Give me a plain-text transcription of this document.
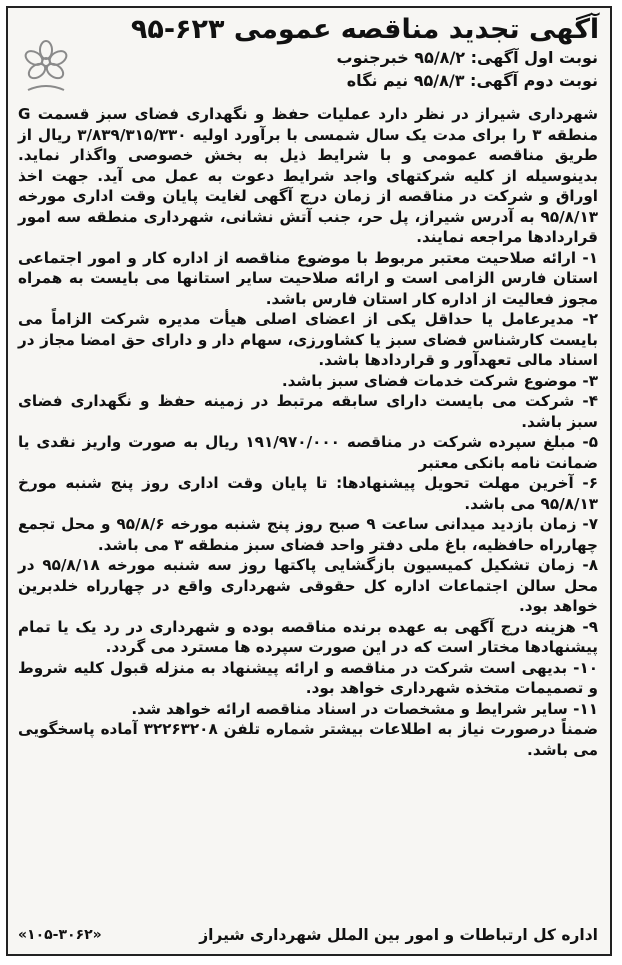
آگهی تجدید مناقصه عمومی ۶۲۳-۹۵
نوبت اول آگهی: ۹۵/۸/۲ خبرجنوب
نوبت دوم آگهی: ۹۵/۸/۳ نیم نگاه

شهرداری شیراز در نظر دارد عملیات حفظ و نگهداری فضای سبز قسمت G منطقه ۳ را برای مدت یک سال شمسی با برآورد اولیه ۳/۸۳۹/۳۱۵/۳۳۰ ریال از طریق مناقصه عمومی و با شرایط ذیل به بخش خصوصی واگذار نماید. بدینوسیله از کلیه شرکتهای واجد شرایط دعوت به عمل می آید. جهت اخذ اوراق و شرکت در مناقصه از زمان درج آگهی لغایت پایان وقت اداری مورخه ۹۵/۸/۱۳ به آدرس شیراز، پل حر، جنب آتش نشانی، شهرداری منطقه سه امور قراردادها مراجعه نمایند.

۱- ارائه صلاحیت معتبر مربوط با موضوع مناقصه از اداره کار و امور اجتماعی استان فارس الزامی است و ارائه صلاحیت سایر استانها می بایست به همراه مجوز فعالیت از اداره کار استان فارس باشد.

۲- مدیرعامل یا حداقل یکی از اعضای اصلی هیأت مدیره شرکت الزاماً می بایست کارشناس فضای سبز یا کشاورزی، سهام دار و دارای حق امضا مجاز در اسناد مالی تعهدآور و قراردادها باشد.

۳- موضوع شرکت خدمات فضای سبز باشد.

۴- شرکت می بایست دارای سابقه مرتبط در زمینه حفظ و نگهداری فضای سبز باشد.

۵- مبلغ سپرده شرکت در مناقصه ۱۹۱/۹۷۰/۰۰۰ ریال به صورت واریز نقدی یا ضمانت نامه بانکی معتبر

۶- آخرین مهلت تحویل پیشنهادها: تا پایان وقت اداری روز پنج شنبه مورخ ۹۵/۸/۱۳ می باشد.

۷- زمان بازدید میدانی ساعت ۹ صبح روز پنج شنبه مورخه ۹۵/۸/۶ و محل تجمع چهارراه حافظیه، باغ ملی دفتر واحد فضای سبز منطقه ۳ می باشد.

۸- زمان تشکیل کمیسیون بازگشایی پاکتها روز سه شنبه مورخه ۹۵/۸/۱۸ در محل سالن اجتماعات اداره کل حقوقی شهرداری واقع در چهارراه خلدبرین خواهد بود.

۹- هزینه درج آگهی به عهده برنده مناقصه بوده و شهرداری در رد یک یا تمام پیشنهادها مختار است که در این صورت سپرده ها مسترد می گردد.

۱۰- بدیهی است شرکت در مناقصه و ارائه پیشنهاد به منزله قبول کلیه شروط و تصمیمات متخذه شهرداری خواهد بود.

۱۱- سایر شرایط و مشخصات در اسناد مناقصه ارائه خواهد شد.

ضمناً درصورت نیاز به اطلاعات بیشتر شماره تلفن ۳۲۲۶۳۲۰۸ آماده پاسخگویی می باشد.

اداره کل ارتباطات و امور بین الملل شهرداری شیراز
«۱۰۵-۳۰۶۲»
